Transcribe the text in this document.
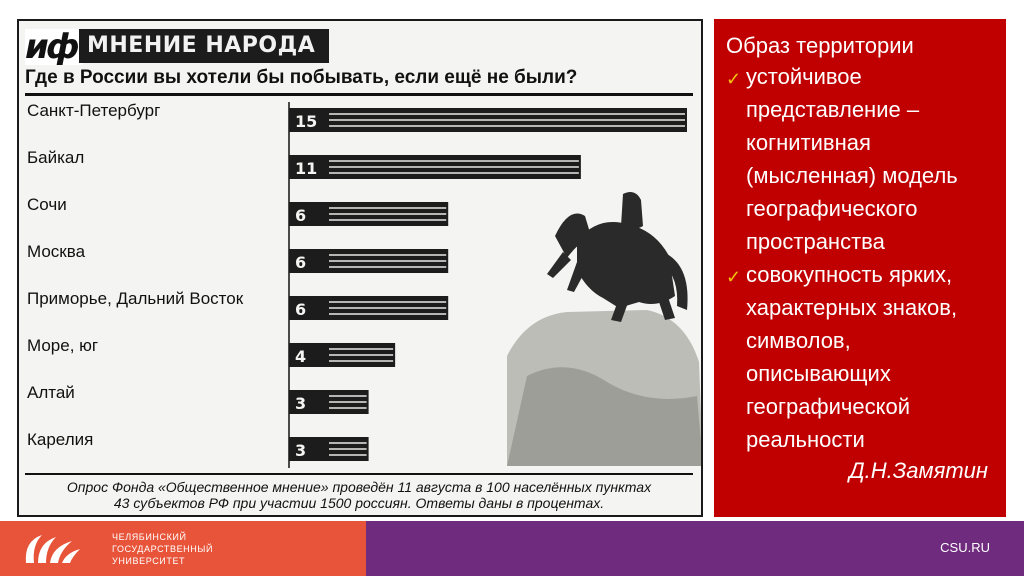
иф МНЕНИЕ НАРОДА
Где в России вы хотели бы побывать, если ещё не были?
Санкт-Петербург
15
Байкал
11
Сочи
6
Москва
6
Приморье, Дальний Восток
6
Море, юг
4
Алтай
3
Карелия
3
Опрос Фонда «Общественное мнение» проведён 11 августа в 100 населённых пунктах
43 субъектов РФ при участии 1500 россиян. Ответы даны в процентах.
Образ территории
✓ устойчивое представление – когнитивная (мысленная) модель географического пространства
✓ совокупность ярких, характерных знаков, символов, описывающих географической реальности
Д.Н.Замятин
ЧЕЛЯБИНСКИЙ
ГОСУДАРСТВЕННЫЙ
УНИВЕРСИТЕТ
CSU.RU
